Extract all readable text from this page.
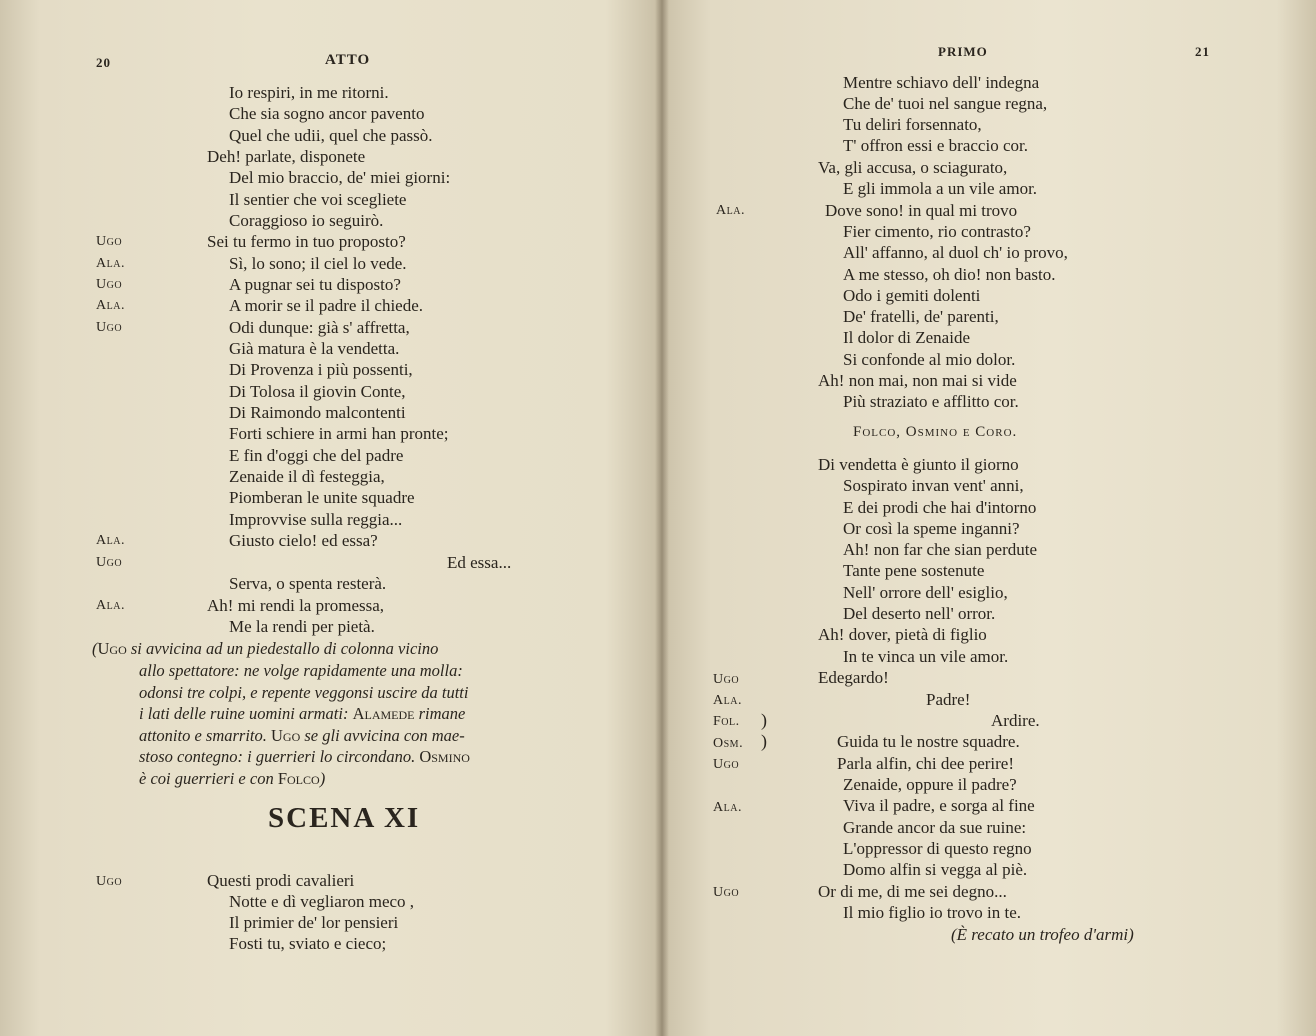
20	ATTO
Io respiri, in me ritorni.
Che sia sogno ancor pavento
Quel che udii, quel che passò.
Deh! parlate, disponete
Del mio braccio, de' miei giorni:
Il sentier che voi scegliete
Coraggioso io seguirò.
Ugo	Sei tu fermo in tuo proposto?
Ala.	Sì, lo sono; il ciel lo vede.
Ugo	A pugnar sei tu disposto?
Ala.	A morir se il padre il chiede.
Ugo	Odi dunque: già s' affretta,
Già matura è la vendetta.
Di Provenza i più possenti,
Di Tolosa il giovin Conte,
Di Raimondo malcontenti
Forti schiere in armi han pronte;
E fin d'oggi che del padre
Zenaide il dì festeggia,
Piomberan le unite squadre
Improvvise sulla reggia...
Ala.	Giusto cielo! ed essa?
Ugo	Ed essa...
Serva, o spenta resterà.
Ala.	Ah! mi rendi la promessa,
Me la rendi per pietà.
(Ugo si avvicina ad un piedestallo di colonna vicino
allo spettatore: ne volge rapidamente una molla:
odonsi tre colpi, e repente veggonsi uscire da tutti
i lati delle ruine uomini armati: Alamede rimane
attonito e smarrito. Ugo se gli avvicina con mae-
stoso contegno: i guerrieri lo circondano. Osmino
è coi guerrieri e con Folco)
SCENA XI
Ugo	Questi prodi cavalieri
Notte e dì vegliaron meco ,
Il primier de' lor pensieri
Fosti tu, sviato e cieco;
PRIMO	21
Mentre schiavo dell' indegna
Che de' tuoi nel sangue regna,
Tu deliri forsennato,
T' offron essi e braccio cor.
Va, gli accusa, o sciagurato,
E gli immola a un vile amor.
Ala.	Dove sono! in qual mi trovo
Fier cimento, rio contrasto?
All' affanno, al duol ch' io provo,
A me stesso, oh dio! non basto.
Odo i gemiti dolenti
De' fratelli, de' parenti,
Il dolor di Zenaide
Si confonde al mio dolor.
Ah! non mai, non mai si vide
Più straziato e afflitto cor.
Folco, Osmino e Coro.
Di vendetta è giunto il giorno
Sospirato invan vent' anni,
E dei prodi che hai d'intorno
Or così la speme inganni?
Ah! non far che sian perdute
Tante pene sostenute
Nell' orrore dell' esiglio,
Del deserto nell' orror.
Ah! dover, pietà di figlio
In te vinca un vile amor.
Ugo	Edegardo!
Ala.	Padre!
Fol. )	Ardire.
Osm. )	Guida tu le nostre squadre.
Ugo	Parla alfin, chi dee perire!
Zenaide, oppure il padre?
Ala.	Viva il padre, e sorga al fine
Grande ancor da sue ruine:
L'oppressor di questo regno
Domo alfin si vegga al piè.
Ugo	Or di me, di me sei degno...
Il mio figlio io trovo in te.
(È recato un trofeo d'armi)
